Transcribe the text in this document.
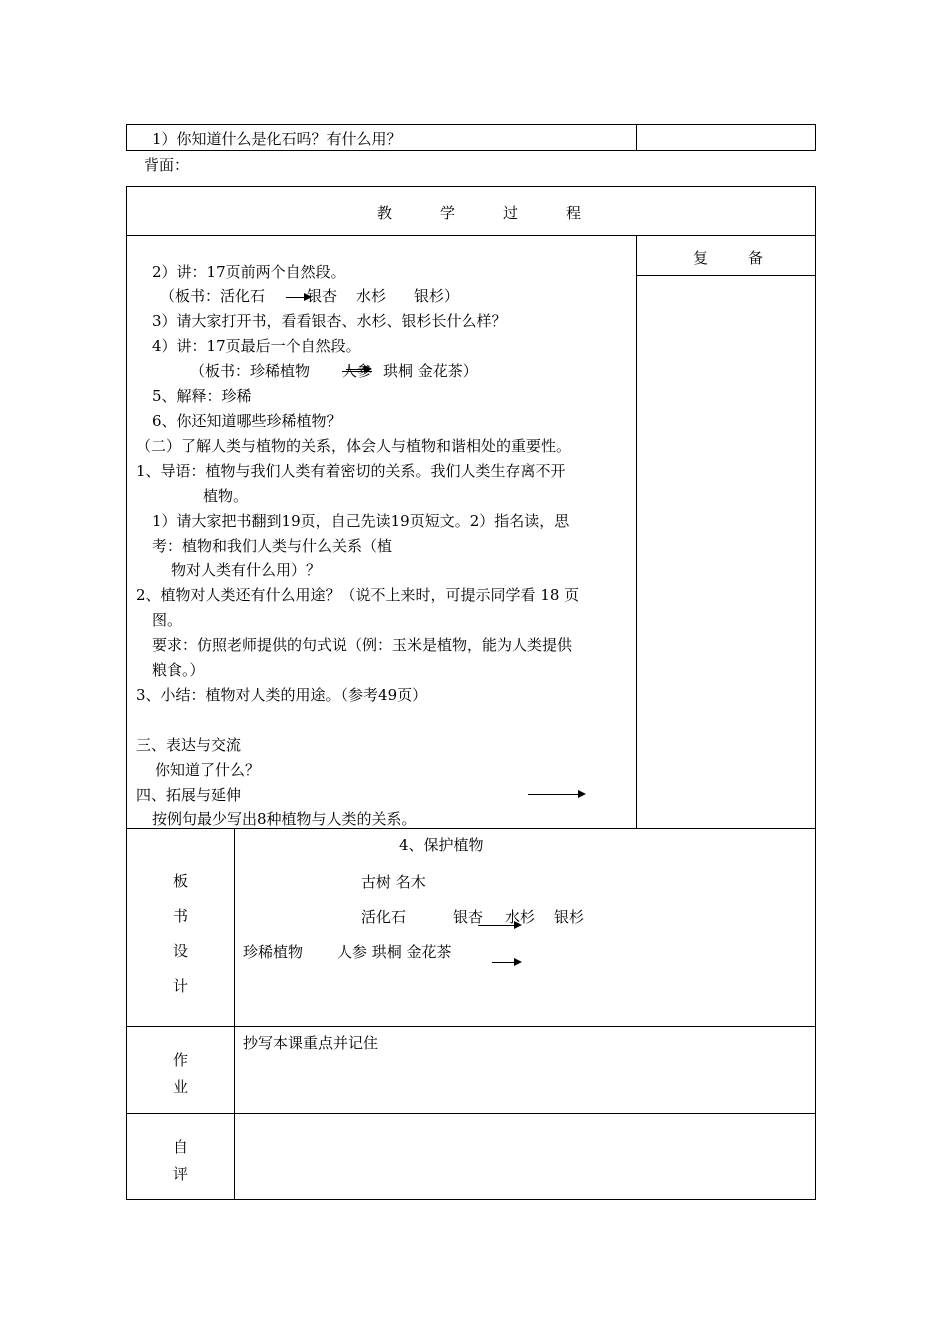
1）你知道什么是化石吗？有什么用？
背面：
教学过程
复备
2）讲：17页前两个自然段。
（板书：活化石	银杏 水杉 银杉）
3）请大家打开书，看看银杏、水杉、银杉长什么样？
4）讲：17页最后一个自然段。
（板书：珍稀植物 人参 珙桐 金花茶）
5、解释：珍稀
6、你还知道哪些珍稀植物？
（二）了解人类与植物的关系，体会人与植物和谐相处的重要性。
1、导语：植物与我们人类有着密切的关系。我们人类生存离不开
植物。
1）请大家把书翻到19页，自己先读19页短文。2）指名读，思
考：植物和我们人类与什么关系（植
物对人类有什么用）？
2、植物对人类还有什么用途？（说不上来时，可提示同学看 18 页
图。
要求：仿照老师提供的句式说（例：玉米是植物，能为人类提供
粮食。）
3、小结：植物对人类的用途。（参考49页）
三、表达与交流
你知道了什么？
四、拓展与延伸
按例句最少写出8种植物与人类的关系。
板
书
设
计
4、保护植物
古树 名木
活化石	银杏 水杉 银杉
珍稀植物 人参 珙桐 金花茶
作
业
抄写本课重点并记住
自
评
